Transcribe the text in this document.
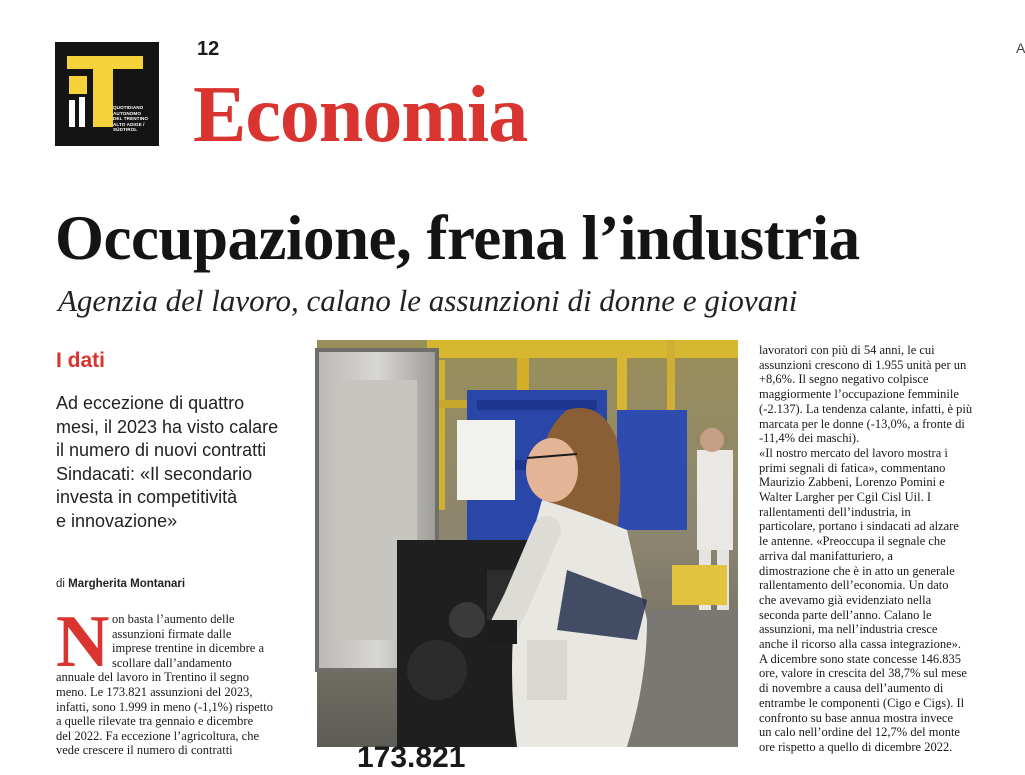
QUOTIDIANO
AUTONOMO
DEL TRENTINO
ALTO ADIGE /
SÜDTIROL
12
Economia
A
Occupazione, frena l’industria
Agenzia del lavoro, calano le assunzioni di donne e giovani
I dati
Ad eccezione di quattro
mesi, il 2023 ha visto calare
il numero di nuovi contratti
Sindacati: «Il secondario
investa in competitività
e innovazione»
di Margherita Montanari
N on basta l’aumento delle
assunzioni firmate dalle
imprese trentine in dicembre a
scollare dall’andamento
annuale del lavoro in Trentino il segno
meno. Le 173.821 assunzioni del 2023,
infatti, sono 1.999 in meno (-1,1%) rispetto
a quelle rilevate tra gennaio e dicembre
del 2022. Fa eccezione l’agricoltura, che
vede crescere il numero di contratti	173.821
lavoratori con più di 54 anni, le cui
assunzioni crescono di 1.955 unità per un
+8,6%. Il segno negativo colpisce
maggiormente l’occupazione femminile
(-2.137). La tendenza calante, infatti, è più
marcata per le donne (-13,0%, a fronte di
-11,4% dei maschi).
«Il nostro mercato del lavoro mostra i
primi segnali di fatica», commentano
Maurizio Zabbeni, Lorenzo Pomini e
Walter Largher per Cgil Cisl Uil. I
rallentamenti dell’industria, in
particolare, portano i sindacati ad alzare
le antenne. «Preoccupa il segnale che
arriva dal manifatturiero, a
dimostrazione che è in atto un generale
rallentamento dell’economia. Un dato
che avevamo già evidenziato nella
seconda parte dell’anno. Calano le
assunzioni, ma nell’industria cresce
anche il ricorso alla cassa integrazione».
A dicembre sono state concesse 146.835
ore, valore in crescita del 38,7% sul mese
di novembre a causa dell’aumento di
entrambe le componenti (Cigo e Cigs). Il
confronto su base annua mostra invece
un calo nell’ordine del 12,7% del monte
ore rispetto a quello di dicembre 2022.
